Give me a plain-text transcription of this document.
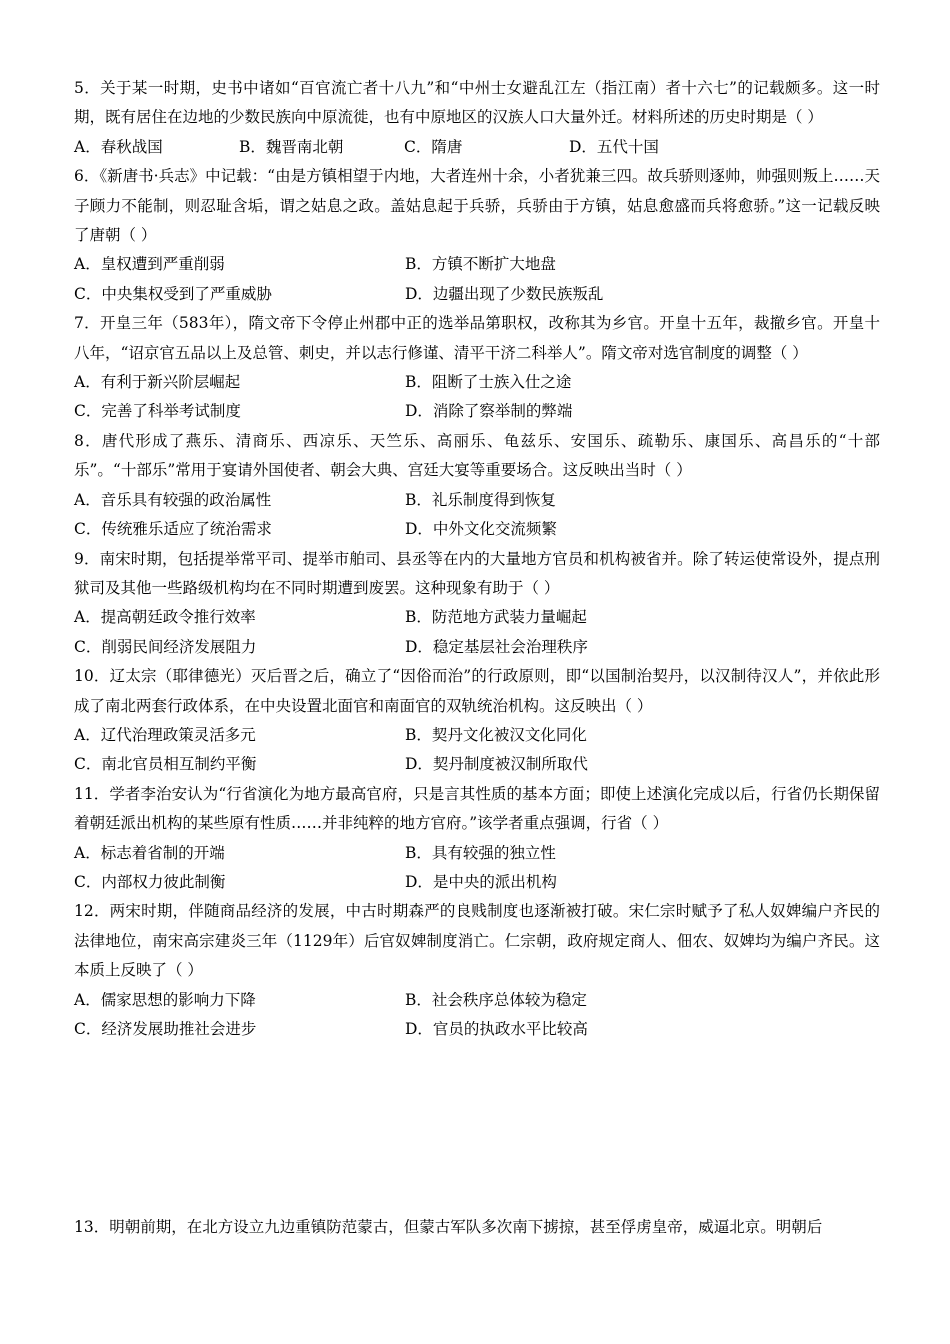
5．关于某一时期，史书中诸如“百官流亡者十八九”和“中州士女避乱江左（指江南）者十六七”的记载颇多。这一时期，既有居住在边地的少数民族向中原流徙，也有中原地区的汉族人口大量外迁。材料所述的历史时期是（ ）
A．春秋战国	B．魏晋南北朝	C．隋唐	D．五代十国
6．《新唐书·兵志》中记载：“由是方镇相望于内地，大者连州十余，小者犹兼三四。故兵骄则逐帅，帅强则叛上……天子顾力不能制，则忍耻含垢，谓之姑息之政。盖姑息起于兵骄，兵骄由于方镇，姑息愈盛而兵将愈骄。”这一记载反映了唐朝（ ）
A．皇权遭到严重削弱	B．方镇不断扩大地盘
C．中央集权受到了严重威胁	D．边疆出现了少数民族叛乱
7．开皇三年（583年），隋文帝下令停止州郡中正的选举品第职权，改称其为乡官。开皇十五年，裁撤乡官。开皇十八年，“诏京官五品以上及总管、刺史，并以志行修谨、清平干济二科举人”。隋文帝对选官制度的调整（ ）
A．有利于新兴阶层崛起	B．阻断了士族入仕之途
C．完善了科举考试制度	D．消除了察举制的弊端
8．唐代形成了燕乐、清商乐、西凉乐、天竺乐、高丽乐、龟兹乐、安国乐、疏勒乐、康国乐、高昌乐的“十部乐”。“十部乐”常用于宴请外国使者、朝会大典、宫廷大宴等重要场合。这反映出当时（ ）
A．音乐具有较强的政治属性	B．礼乐制度得到恢复
C．传统雅乐适应了统治需求	D．中外文化交流频繁
9．南宋时期，包括提举常平司、提举市舶司、县丞等在内的大量地方官员和机构被省并。除了转运使常设外，提点刑狱司及其他一些路级机构均在不同时期遭到废罢。这种现象有助于（ ）
A．提高朝廷政令推行效率	B．防范地方武装力量崛起
C．削弱民间经济发展阻力	D．稳定基层社会治理秩序
10．辽太宗（耶律德光）灭后晋之后，确立了“因俗而治”的行政原则，即“以国制治契丹，以汉制待汉人”，并依此形成了南北两套行政体系，在中央设置北面官和南面官的双轨统治机构。这反映出（ ）
A．辽代治理政策灵活多元	B．契丹文化被汉文化同化
C．南北官员相互制约平衡	D．契丹制度被汉制所取代
11．学者李治安认为“行省演化为地方最高官府，只是言其性质的基本方面；即使上述演化完成以后，行省仍长期保留着朝廷派出机构的某些原有性质……并非纯粹的地方官府。”该学者重点强调，行省（ ）
A．标志着省制的开端	B．具有较强的独立性
C．内部权力彼此制衡	D．是中央的派出机构
12．两宋时期，伴随商品经济的发展，中古时期森严的良贱制度也逐渐被打破。宋仁宗时赋予了私人奴婢编户齐民的法律地位，南宋高宗建炎三年（1129年）后官奴婢制度消亡。仁宗朝，政府规定商人、佃农、奴婢均为编户齐民。这本质上反映了（ ）
A．儒家思想的影响力下降	B．社会秩序总体较为稳定
C．经济发展助推社会进步	D．官员的执政水平比较高
13．明朝前期，在北方设立九边重镇防范蒙古，但蒙古军队多次南下掳掠，甚至俘虏皇帝，威逼北京。明朝后
